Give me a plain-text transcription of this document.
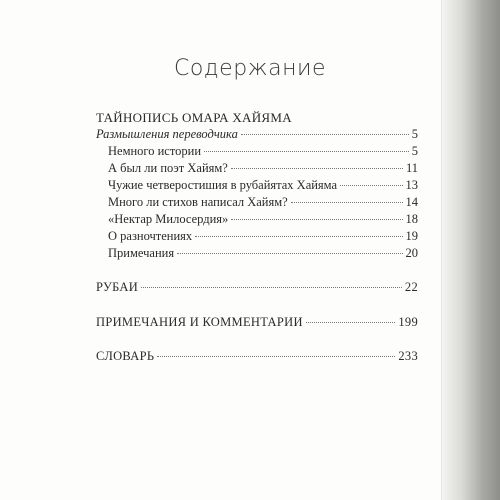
Содержание
ТАЙНОПИСЬ ОМАРА ХАЙЯМА
Размышления переводчика	5
Немного истории	5
А был ли поэт Хайям?	11
Чужие четверостишия в рубайятах Хайяма	13
Много ли стихов написал Хайям?	14
«Нектар Милосердия»	18
О разночтениях	19
Примечания	20
РУБАИ	22
ПРИМЕЧАНИЯ И КОММЕНТАРИИ	199
СЛОВАРЬ	233
